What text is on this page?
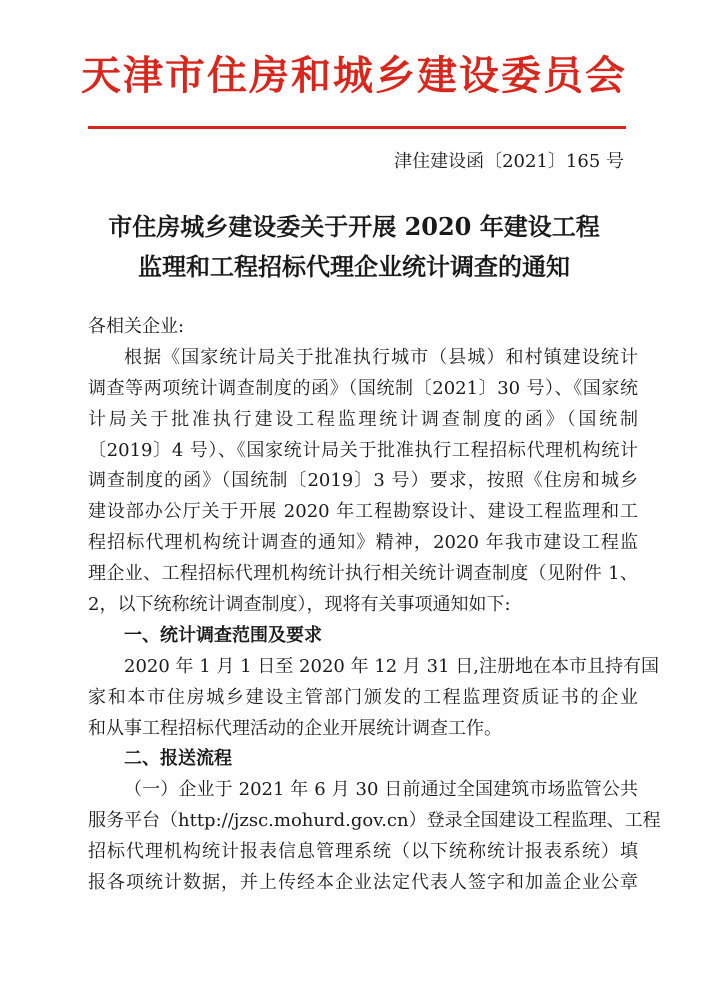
天津市住房和城乡建设委员会
津住建设函〔2021〕165 号
市住房城乡建设委关于开展 2020 年建设工程
监理和工程招标代理企业统计调查的通知
各相关企业:
根据《国家统计局关于批准执行城市（县城）和村镇建设统计
调查等两项统计调查制度的函》（国统制〔2021〕30 号）、《国家统
计局关于批准执行建设工程监理统计调查制度的函》（国统制
〔2019〕4 号）、《国家统计局关于批准执行工程招标代理机构统计
调查制度的函》（国统制〔2019〕3 号）要求，按照《住房和城乡
建设部办公厅关于开展 2020 年工程勘察设计、建设工程监理和工
程招标代理机构统计调查的通知》精神，2020 年我市建设工程监
理企业、工程招标代理机构统计执行相关统计调查制度（见附件 1、
2，以下统称统计调查制度），现将有关事项通知如下:
一、统计调查范围及要求
2020 年 1 月 1 日至 2020 年 12 月 31 日,注册地在本市且持有国
家和本市住房城乡建设主管部门颁发的工程监理资质证书的企业
和从事工程招标代理活动的企业开展统计调查工作。
二、报送流程
（一）企业于 2021 年 6 月 30 日前通过全国建筑市场监管公共
服务平台（http://jzsc.mohurd.gov.cn）登录全国建设工程监理、工程
招标代理机构统计报表信息管理系统（以下统称统计报表系统）填
报各项统计数据，并上传经本企业法定代表人签字和加盖企业公章
